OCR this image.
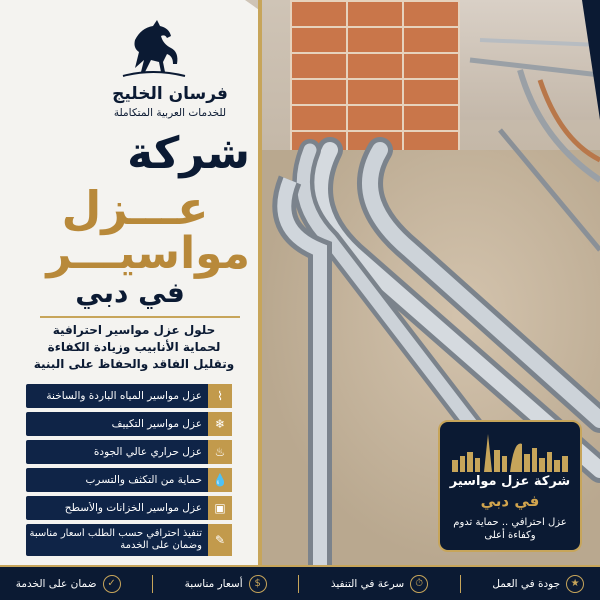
فرسان الخليج
للخدمات العربية المتكاملة
شركة
عـــزل
مواسيـــر
في دبي
حلول عزل مواسير احترافية
لحماية الأنابيب وزيادة الكفاءة
وتقليل الفاقد والحفاظ على البنية
⌇
عزل مواسير المياه الباردة والساخنة
❄
عزل مواسير التكييف
♨
عزل حراري عالي الجودة
💧
حماية من التكثف والتسرب
▣
عزل مواسير الخزانات والأسطح
✎
تنفيذ احترافي حسب الطلب أسعار مناسبة وضمان على الخدمة
شركة عزل مواسير
في دبي
عزل احترافي .. حماية تدوم وكفاءة أعلى
★
جودة في العمل
⏱
سرعة في التنفيذ
$
أسعار مناسبة
✓
ضمان على الخدمة
